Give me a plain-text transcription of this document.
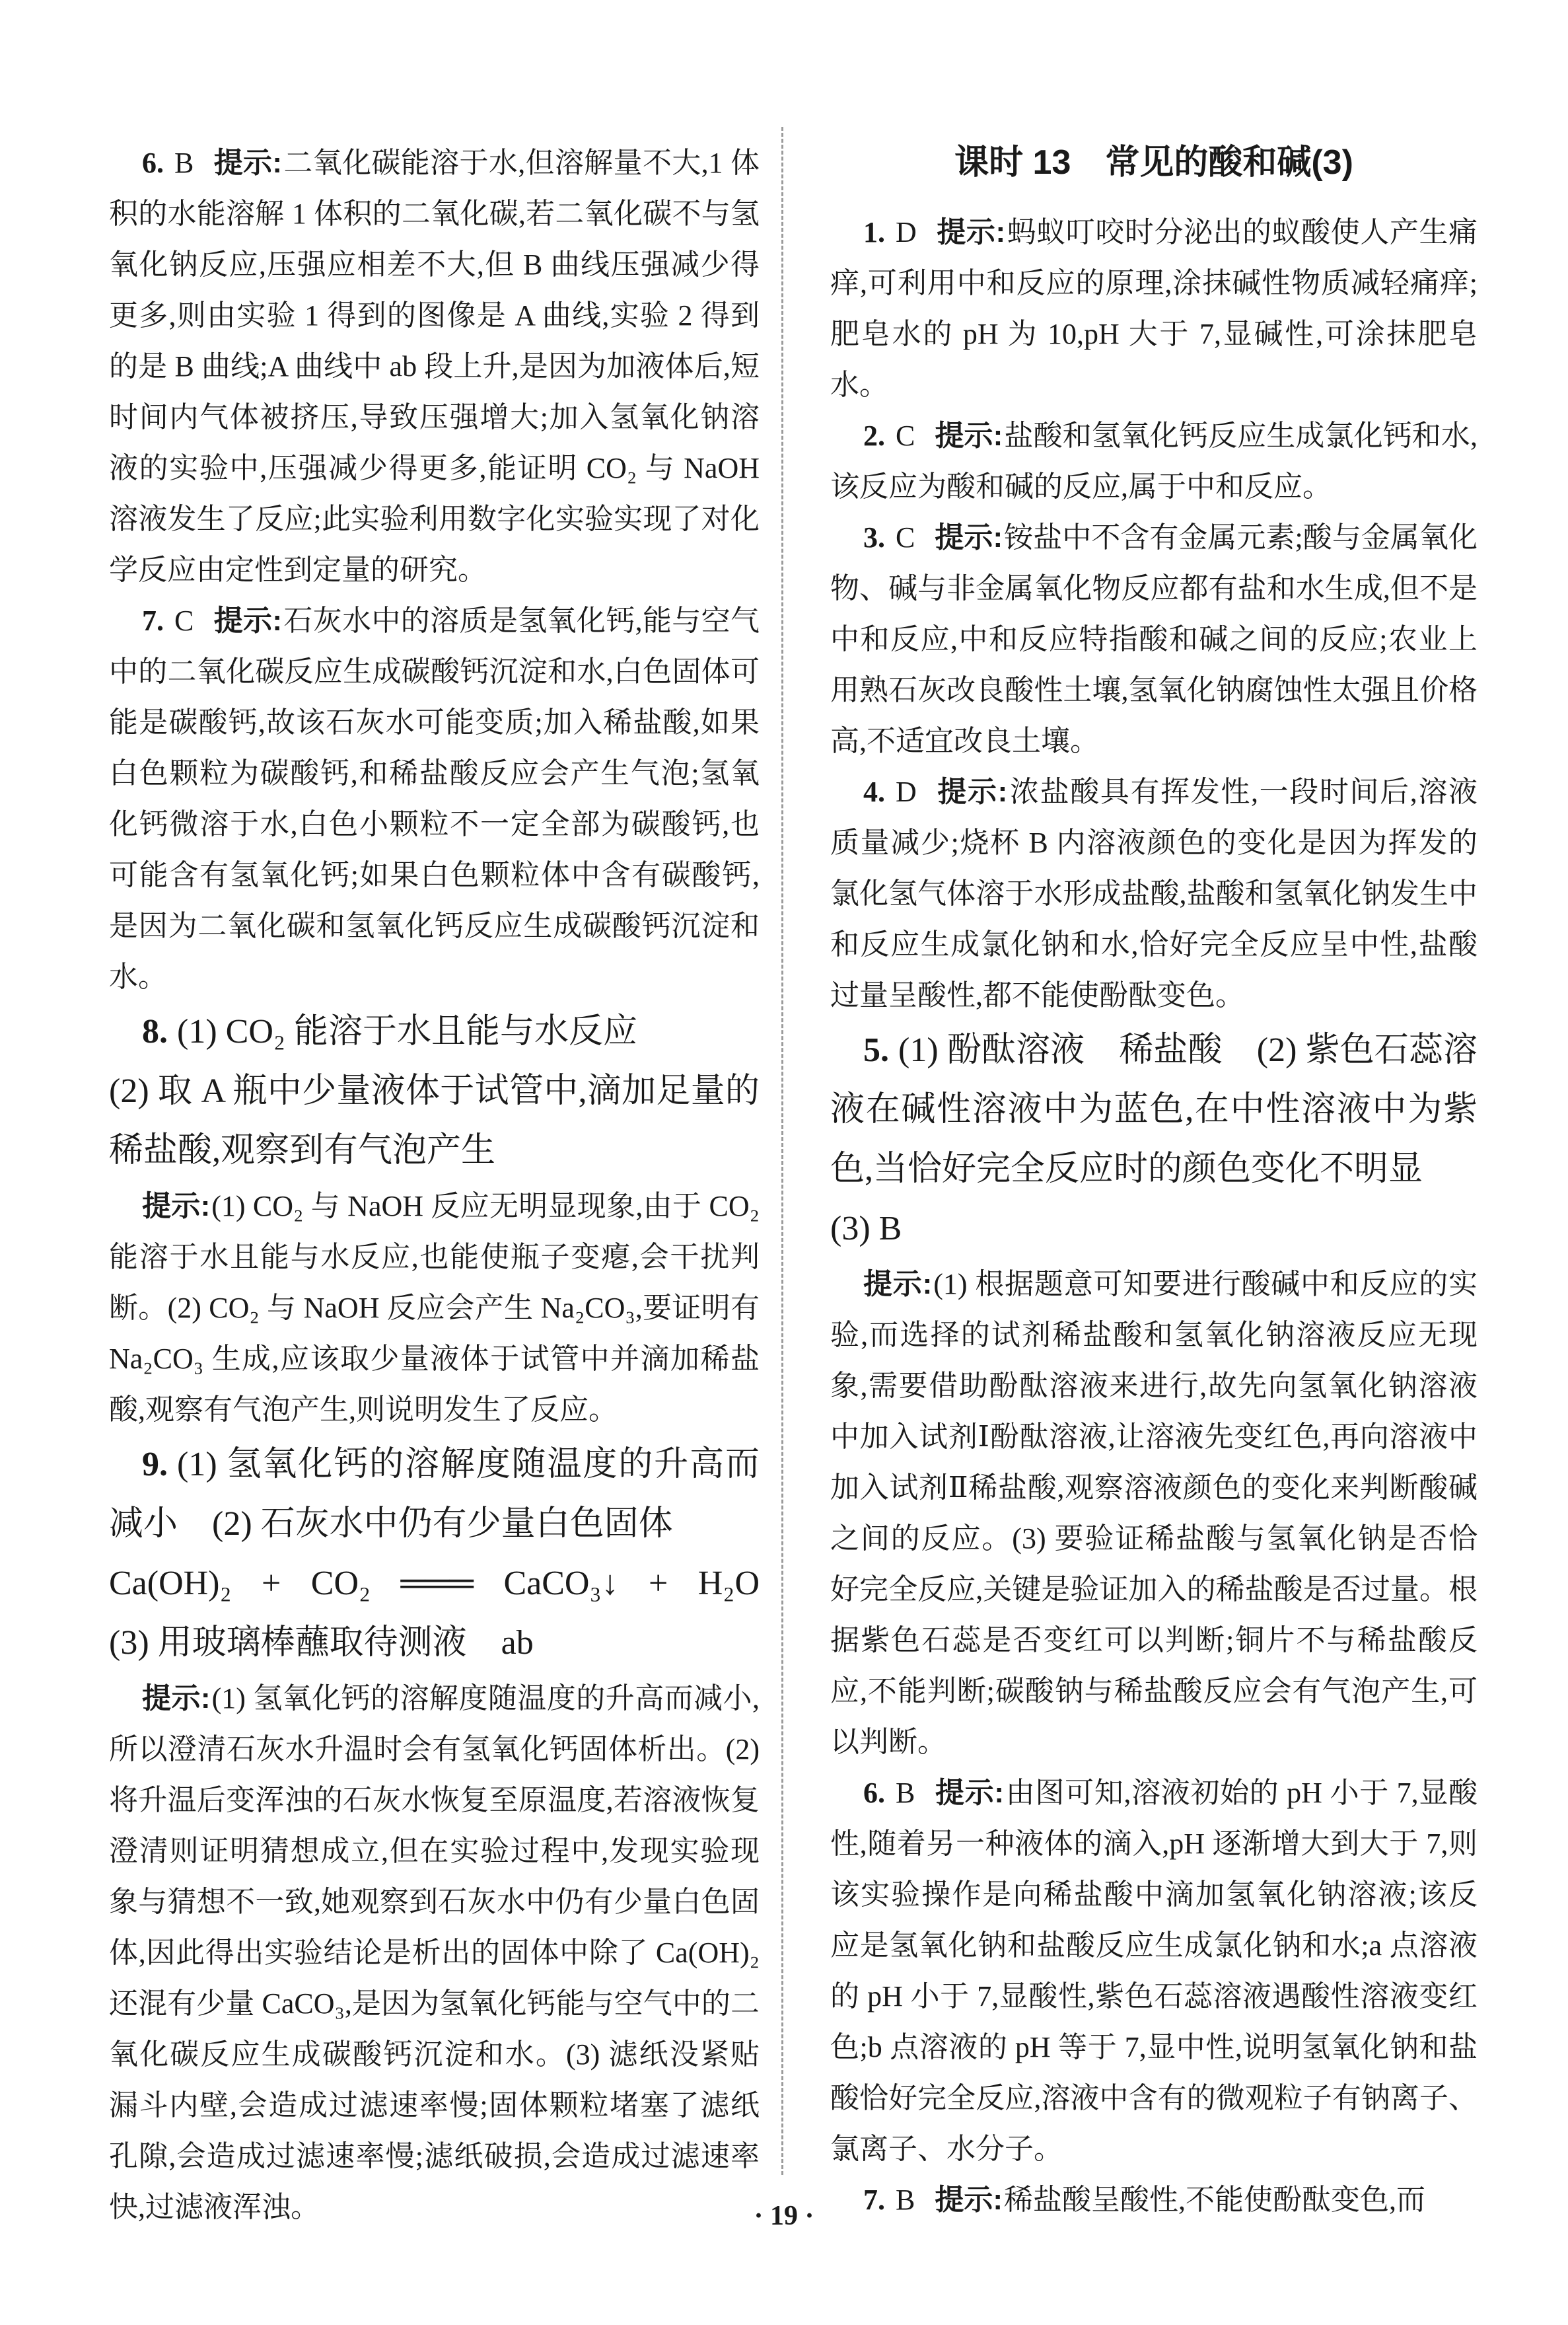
6. B 提示:二氧化碳能溶于水,但溶解量不大,1 体积的水能溶解 1 体积的二氧化碳,若二氧化碳不与氢氧化钠反应,压强应相差不大,但 B 曲线压强减少得更多,则由实验 1 得到的图像是 A 曲线,实验 2 得到的是 B 曲线;A 曲线中 ab 段上升,是因为加液体后,短时间内气体被挤压,导致压强增大;加入氢氧化钠溶液的实验中,压强减少得更多,能证明 CO₂ 与 NaOH 溶液发生了反应;此实验利用数字化实验实现了对化学反应由定性到定量的研究。

7. C 提示:石灰水中的溶质是氢氧化钙,能与空气中的二氧化碳反应生成碳酸钙沉淀和水,白色固体可能是碳酸钙,故该石灰水可能变质;加入稀盐酸,如果白色颗粒为碳酸钙,和稀盐酸反应会产生气泡;氢氧化钙微溶于水,白色小颗粒不一定全部为碳酸钙,也可能含有氢氧化钙;如果白色颗粒体中含有碳酸钙,是因为二氧化碳和氢氧化钙反应生成碳酸钙沉淀和水。

8. (1) CO₂ 能溶于水且能与水反应

(2) 取 A 瓶中少量液体于试管中,滴加足量的稀盐酸,观察到有气泡产生

提示:(1) CO₂ 与 NaOH 反应无明显现象,由于 CO₂ 能溶于水且能与水反应,也能使瓶子变瘪,会干扰判断。(2) CO₂ 与 NaOH 反应会产生 Na₂CO₃,要证明有 Na₂CO₃ 生成,应该取少量液体于试管中并滴加稀盐酸,观察有气泡产生,则说明发生了反应。

9. (1) 氢氧化钙的溶解度随温度的升高而减小　(2) 石灰水中仍有少量白色固体

Ca(OH)₂ + CO₂ ═══ CaCO₃↓ + H₂O

(3) 用玻璃棒蘸取待测液　ab

提示:(1) 氢氧化钙的溶解度随温度的升高而减小,所以澄清石灰水升温时会有氢氧化钙固体析出。(2) 将升温后变浑浊的石灰水恢复至原温度,若溶液恢复澄清则证明猜想成立,但在实验过程中,发现实验现象与猜想不一致,她观察到石灰水中仍有少量白色固体,因此得出实验结论是析出的固体中除了 Ca(OH)₂ 还混有少量 CaCO₃,是因为氢氧化钙能与空气中的二氧化碳反应生成碳酸钙沉淀和水。(3) 滤纸没紧贴漏斗内壁,会造成过滤速率慢;固体颗粒堵塞了滤纸孔隙,会造成过滤速率慢;滤纸破损,会造成过滤速率快,过滤液浑浊。

课时 13　常见的酸和碱(3)

1. D 提示:蚂蚁叮咬时分泌出的蚁酸使人产生痛痒,可利用中和反应的原理,涂抹碱性物质减轻痛痒;肥皂水的 pH 为 10,pH 大于 7,显碱性,可涂抹肥皂水。

2. C 提示:盐酸和氢氧化钙反应生成氯化钙和水,该反应为酸和碱的反应,属于中和反应。

3. C 提示:铵盐中不含有金属元素;酸与金属氧化物、碱与非金属氧化物反应都有盐和水生成,但不是中和反应,中和反应特指酸和碱之间的反应;农业上用熟石灰改良酸性土壤,氢氧化钠腐蚀性太强且价格高,不适宜改良土壤。

4. D 提示:浓盐酸具有挥发性,一段时间后,溶液质量减少;烧杯 B 内溶液颜色的变化是因为挥发的氯化氢气体溶于水形成盐酸,盐酸和氢氧化钠发生中和反应生成氯化钠和水,恰好完全反应呈中性,盐酸过量呈酸性,都不能使酚酞变色。

5. (1) 酚酞溶液　稀盐酸　(2) 紫色石蕊溶液在碱性溶液中为蓝色,在中性溶液中为紫色,当恰好完全反应时的颜色变化不明显

(3) B

提示:(1) 根据题意可知要进行酸碱中和反应的实验,而选择的试剂稀盐酸和氢氧化钠溶液反应无现象,需要借助酚酞溶液来进行,故先向氢氧化钠溶液中加入试剂Ⅰ酚酞溶液,让溶液先变红色,再向溶液中加入试剂Ⅱ稀盐酸,观察溶液颜色的变化来判断酸碱之间的反应。(3) 要验证稀盐酸与氢氧化钠是否恰好完全反应,关键是验证加入的稀盐酸是否过量。根据紫色石蕊是否变红可以判断;铜片不与稀盐酸反应,不能判断;碳酸钠与稀盐酸反应会有气泡产生,可以判断。

6. B 提示:由图可知,溶液初始的 pH 小于 7,显酸性,随着另一种液体的滴入,pH 逐渐增大到大于 7,则该实验操作是向稀盐酸中滴加氢氧化钠溶液;该反应是氢氧化钠和盐酸反应生成氯化钠和水;a 点溶液的 pH 小于 7,显酸性,紫色石蕊溶液遇酸性溶液变红色;b 点溶液的 pH 等于 7,显中性,说明氢氧化钠和盐酸恰好完全反应,溶液中含有的微观粒子有钠离子、氯离子、水分子。

7. B 提示:稀盐酸呈酸性,不能使酚酞变色,而

· 19 ·
